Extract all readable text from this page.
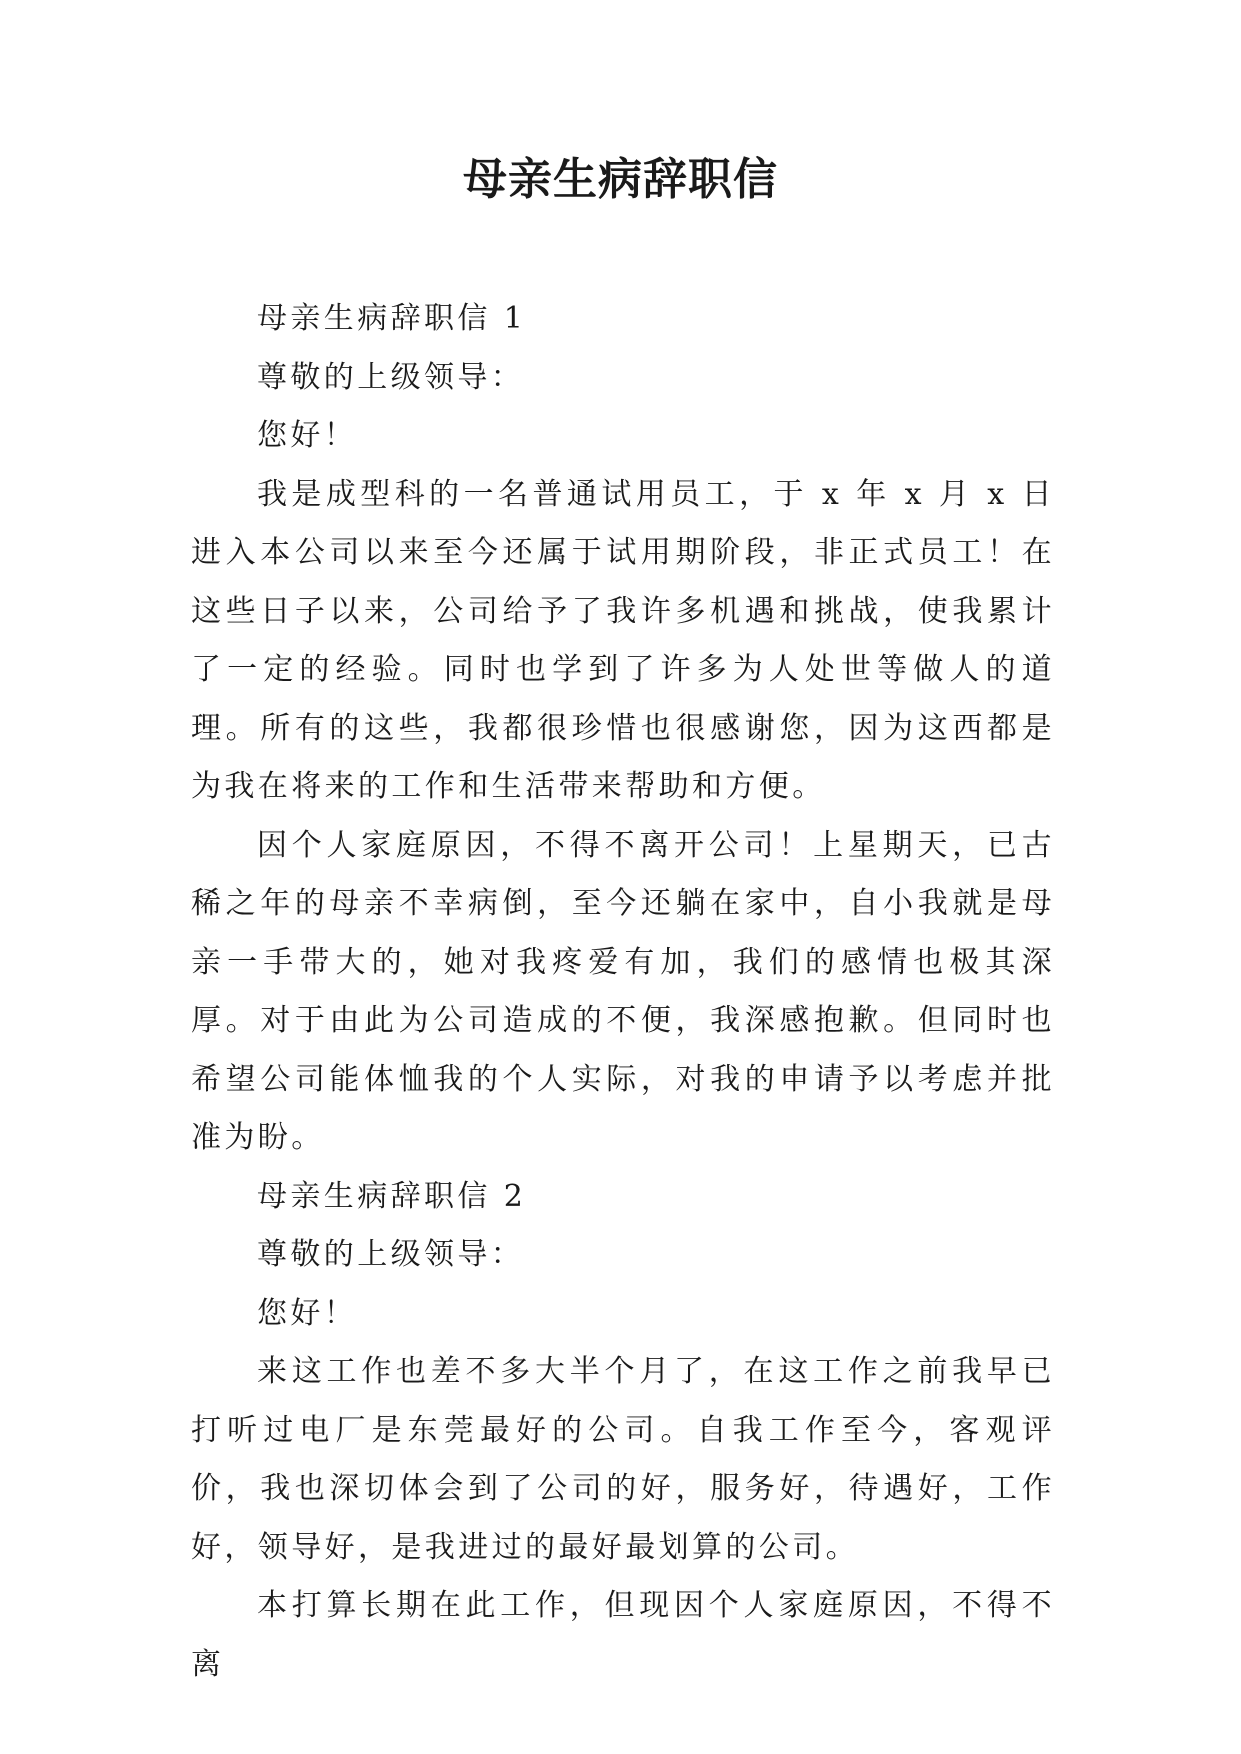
母亲生病辞职信

母亲生病辞职信 1

尊敬的上级领导：

您好！

我是成型科的一名普通试用员工，于 x 年 x 月 x 日进入本公司以来至今还属于试用期阶段，非正式员工！在这些日子以来，公司给予了我许多机遇和挑战，使我累计了一定的经验。同时也学到了许多为人处世等做人的道理。所有的这些，我都很珍惜也很感谢您，因为这西都是为我在将来的工作和生活带来帮助和方便。

因个人家庭原因，不得不离开公司！上星期天，已古稀之年的母亲不幸病倒，至今还躺在家中，自小我就是母亲一手带大的，她对我疼爱有加，我们的感情也极其深厚。对于由此为公司造成的不便，我深感抱歉。但同时也希望公司能体恤我的个人实际，对我的申请予以考虑并批准为盼。

母亲生病辞职信 2

尊敬的上级领导：

您好！

来这工作也差不多大半个月了，在这工作之前我早已打听过电厂是东莞最好的公司。自我工作至今，客观评价，我也深切体会到了公司的好，服务好，待遇好，工作好，领导好，是我进过的最好最划算的公司。

本打算长期在此工作，但现因个人家庭原因，不得不离
